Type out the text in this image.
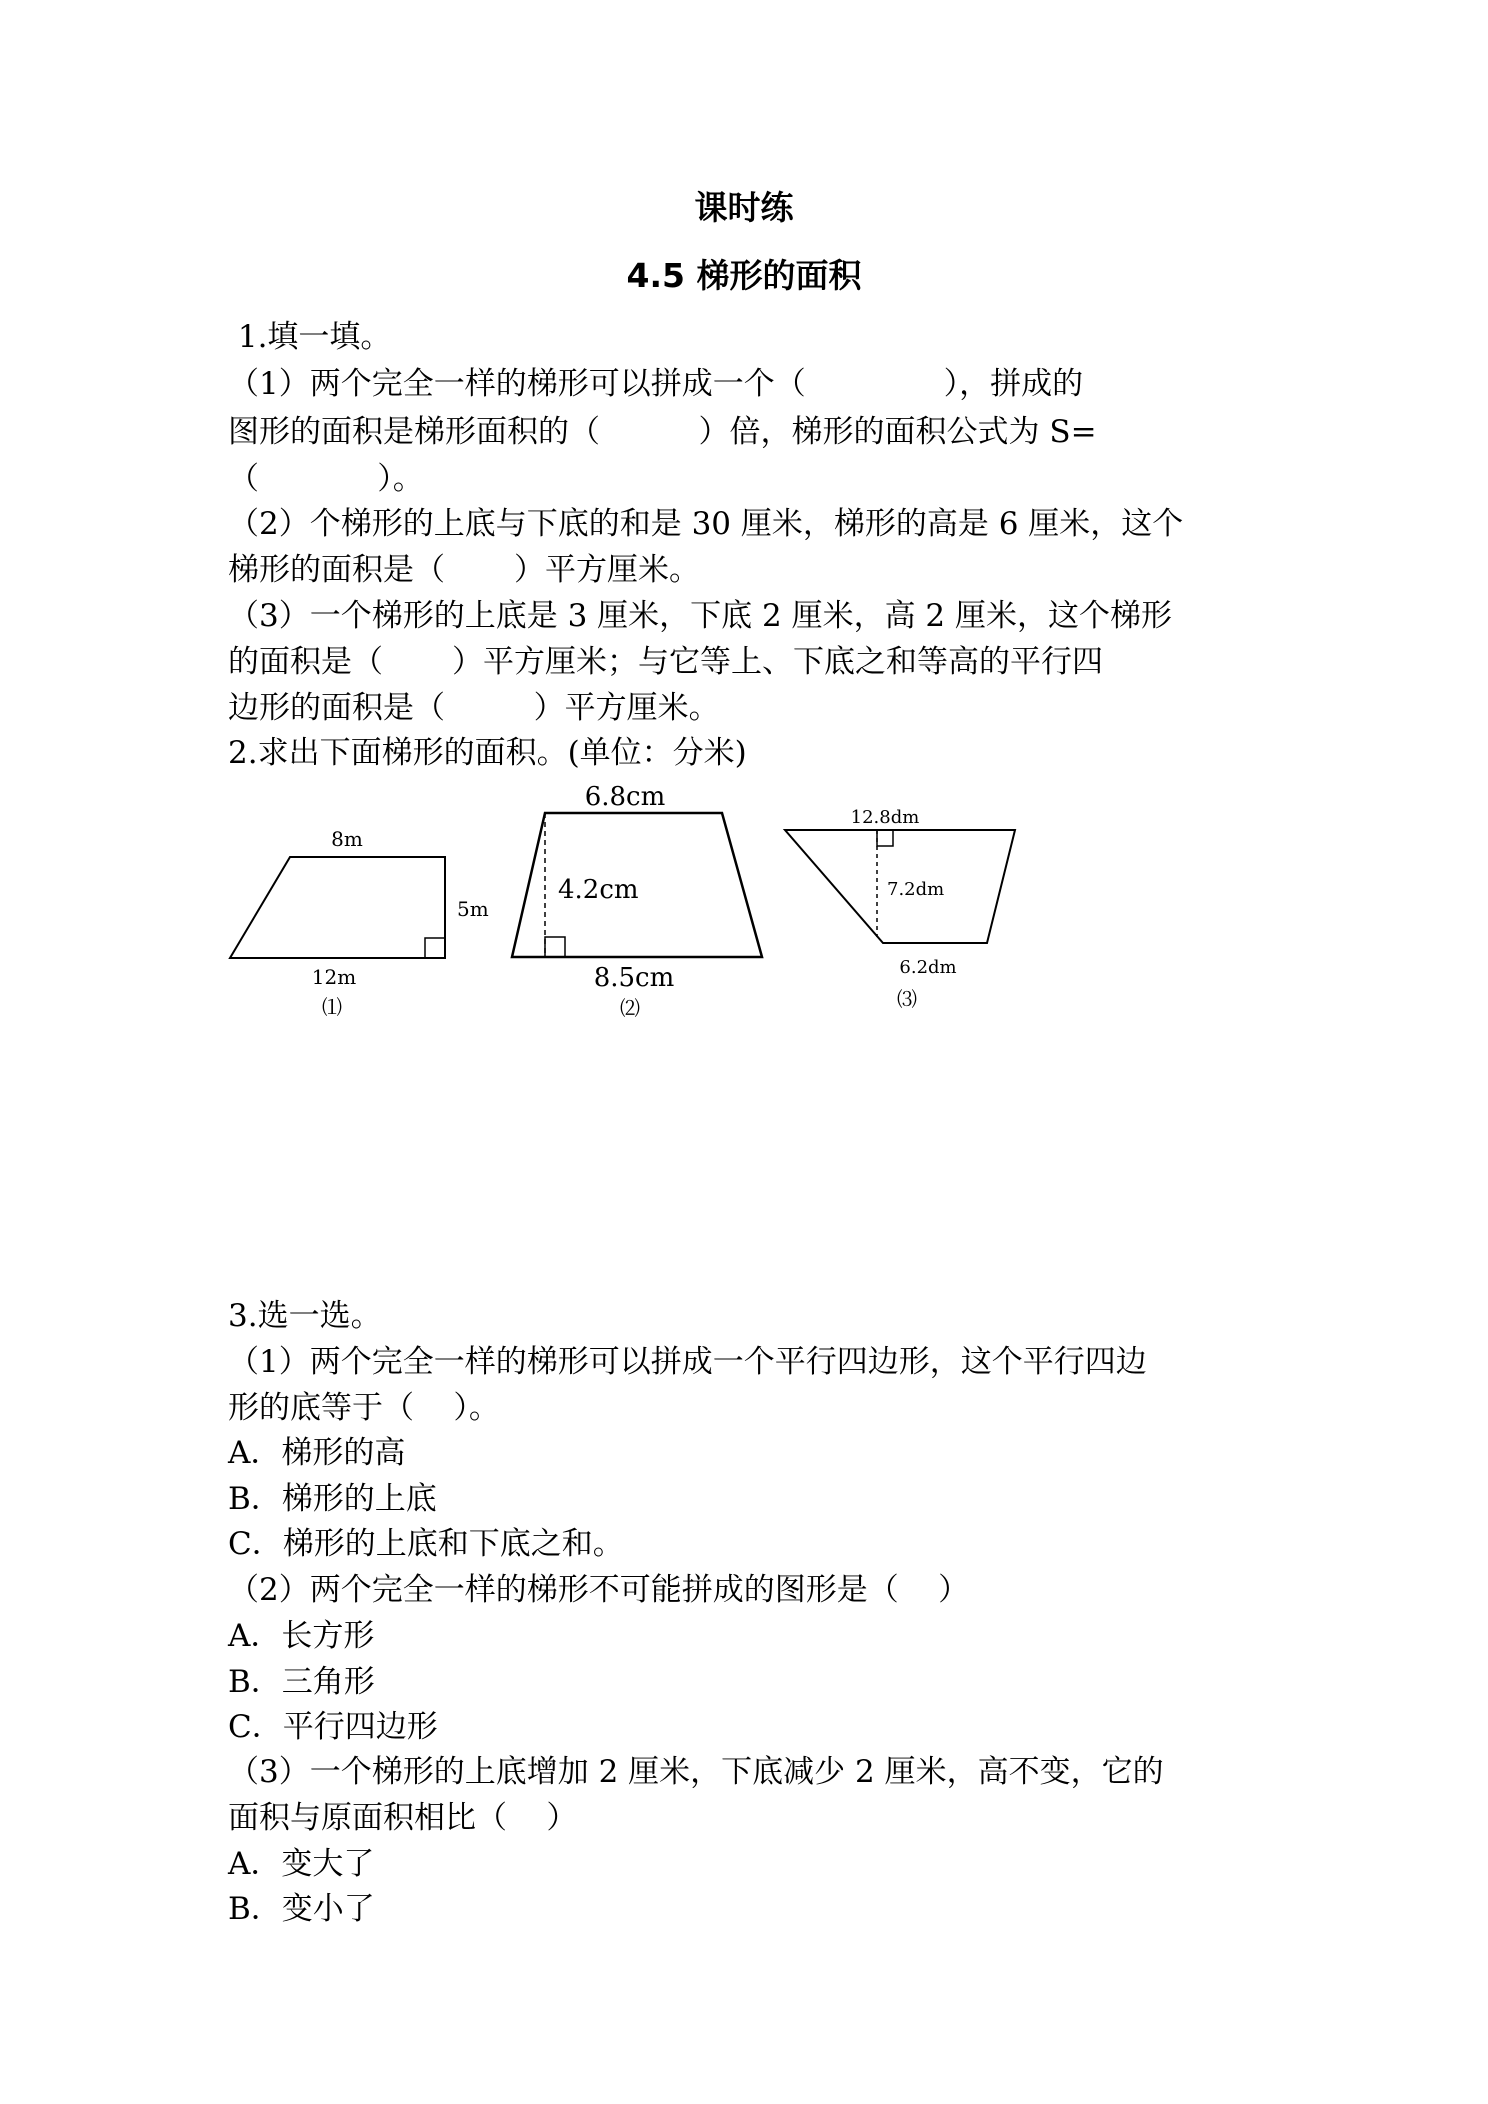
课时练
4.5 梯形的面积
1.填一填。
（1）两个完全一样的梯形可以拼成一个（              ），拼成的
图形的面积是梯形面积的（          ）倍，梯形的面积公式为 S=
（            ）。
（2）个梯形的上底与下底的和是 30 厘米，梯形的高是 6 厘米，这个
梯形的面积是（       ）平方厘米。
（3）一个梯形的上底是 3 厘米，下底 2 厘米，高 2 厘米，这个梯形
的面积是（       ）平方厘米；与它等上、下底之和等高的平行四
边形的面积是（         ）平方厘米。
2.求出下面梯形的面积。(单位：分米)
8m
5m
12m
⑴
6.8cm
4.2cm
8.5cm
⑵
12.8dm
7.2dm
6.2dm
⑶
3.选一选。
（1）两个完全一样的梯形可以拼成一个平行四边形，这个平行四边
形的底等于（    ）。
A．梯形的高
B．梯形的上底
C．梯形的上底和下底之和。
（2）两个完全一样的梯形不可能拼成的图形是（    ）
A．长方形
B．三角形
C．平行四边形
（3）一个梯形的上底增加 2 厘米，下底减少 2 厘米，高不变，它的
面积与原面积相比（    ）
A．变大了
B．变小了
